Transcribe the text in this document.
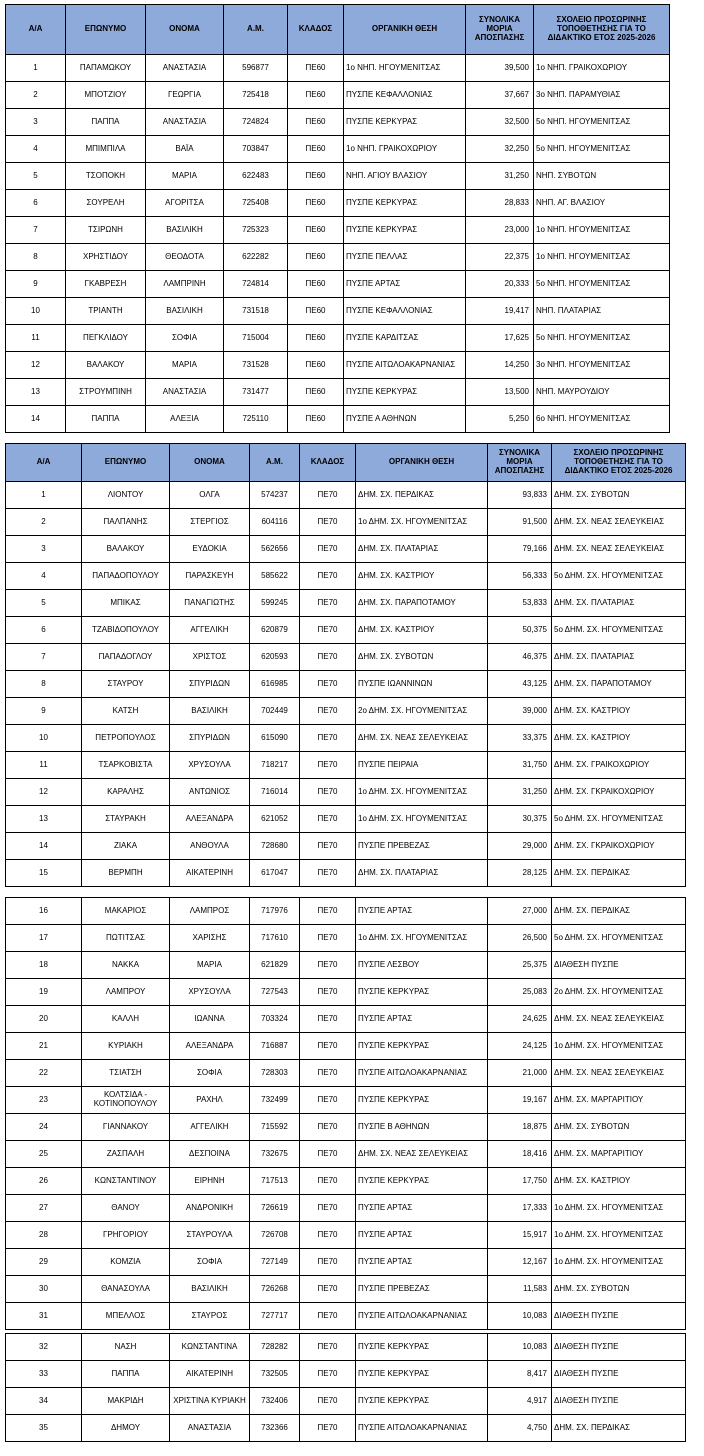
Α/Α	ΕΠΩΝΥΜΟ	ΟΝΟΜΑ	Α.Μ.	ΚΛΑΔΟΣ	ΟΡΓΑΝΙΚΗ ΘΕΣΗ	ΣΥΝΟΛΙΚΑ ΜΟΡΙΑ ΑΠΟΣΠΑΣΗΣ	ΣΧΟΛΕΙΟ ΠΡΟΣΩΡΙΝΗΣ ΤΟΠΟΘΕΤΗΣΗΣ ΓΙΑ ΤΟ ΔΙΔΑΚΤΙΚΟ ΕΤΟΣ 2025-2026
1	ΠΑΠΑΜΩΚΟΥ	ΑΝΑΣΤΑΣΙΑ	596877	ΠΕ60	1ο ΝΗΠ. ΗΓΟΥΜΕΝΙΤΣΑΣ	39,500	1ο ΝΗΠ. ΓΡΑΙΚΟΧΩΡΙΟΥ
2	ΜΠΟΤΖΙΟΥ	ΓΕΩΡΓΙΑ	725418	ΠΕ60	ΠΥΣΠΕ ΚΕΦΑΛΛΟΝΙΑΣ	37,667	3ο ΝΗΠ. ΠΑΡΑΜΥΘΙΑΣ
3	ΠΑΠΠΑ	ΑΝΑΣΤΑΣΙΑ	724824	ΠΕ60	ΠΥΣΠΕ ΚΕΡΚΥΡΑΣ	32,500	5ο ΝΗΠ. ΗΓΟΥΜΕΝΙΤΣΑΣ
4	ΜΠΙΜΠΙΛΑ	ΒΑΪΑ	703847	ΠΕ60	1ο ΝΗΠ. ΓΡΑΙΚΟΧΩΡΙΟΥ	32,250	5ο ΝΗΠ. ΗΓΟΥΜΕΝΙΤΣΑΣ
5	ΤΣΟΠΟΚΗ	ΜΑΡΙΑ	622483	ΠΕ60	ΝΗΠ. ΑΓΙΟΥ ΒΛΑΣΙΟΥ	31,250	ΝΗΠ. ΣΥΒΟΤΩΝ
6	ΣΟΥΡΕΛΗ	ΑΓΟΡΙΤΣΑ	725408	ΠΕ60	ΠΥΣΠΕ ΚΕΡΚΥΡΑΣ	28,833	ΝΗΠ. ΑΓ. ΒΛΑΣΙΟΥ
7	ΤΣΙΡΩΝΗ	ΒΑΣΙΛΙΚΗ	725323	ΠΕ60	ΠΥΣΠΕ ΚΕΡΚΥΡΑΣ	23,000	1ο ΝΗΠ. ΗΓΟΥΜΕΝΙΤΣΑΣ
8	ΧΡΗΣΤΙΔΟΥ	ΘΕΟΔΟΤΑ	622282	ΠΕ60	ΠΥΣΠΕ ΠΕΛΛΑΣ	22,375	1ο ΝΗΠ. ΗΓΟΥΜΕΝΙΤΣΑΣ
9	ΓΚΑΒΡΕΣΗ	ΛΑΜΠΡΙΝΗ	724814	ΠΕ60	ΠΥΣΠΕ ΑΡΤΑΣ	20,333	5ο ΝΗΠ. ΗΓΟΥΜΕΝΙΤΣΑΣ
10	ΤΡΙΑΝΤΗ	ΒΑΣΙΛΙΚΗ	731518	ΠΕ60	ΠΥΣΠΕ ΚΕΦΑΛΛΟΝΙΑΣ	19,417	ΝΗΠ. ΠΛΑΤΑΡΙΑΣ
11	ΠΕΓΚΛΙΔΟΥ	ΣΟΦΙΑ	715004	ΠΕ60	ΠΥΣΠΕ ΚΑΡΔΙΤΣΑΣ	17,625	5ο ΝΗΠ. ΗΓΟΥΜΕΝΙΤΣΑΣ
12	ΒΑΛΑΚΟΥ	ΜΑΡΙΑ	731528	ΠΕ60	ΠΥΣΠΕ ΑΙΤΩΛΟΑΚΑΡΝΑΝΙΑΣ	14,250	3ο ΝΗΠ. ΗΓΟΥΜΕΝΙΤΣΑΣ
13	ΣΤΡΟΥΜΠΙΝΗ	ΑΝΑΣΤΑΣΙΑ	731477	ΠΕ60	ΠΥΣΠΕ ΚΕΡΚΥΡΑΣ	13,500	ΝΗΠ. ΜΑΥΡΟΥΔΙΟΥ
14	ΠΑΠΠΑ	ΑΛΕΞΙΑ	725110	ΠΕ60	ΠΥΣΠΕ Α ΑΘΗΝΩΝ	5,250	6ο ΝΗΠ. ΗΓΟΥΜΕΝΙΤΣΑΣ
Α/Α	ΕΠΩΝΥΜΟ	ΟΝΟΜΑ	Α.Μ.	ΚΛΑΔΟΣ	ΟΡΓΑΝΙΚΗ ΘΕΣΗ	ΣΥΝΟΛΙΚΑ ΜΟΡΙΑ ΑΠΟΣΠΑΣΗΣ	ΣΧΟΛΕΙΟ ΠΡΟΣΩΡΙΝΗΣ ΤΟΠΟΘΕΤΗΣΗΣ ΓΙΑ ΤΟ ΔΙΔΑΚΤΙΚΟ ΕΤΟΣ 2025-2026
1	ΛΙΟΝΤΟΥ	ΟΛΓΑ	574237	ΠΕ70	ΔΗΜ. ΣΧ. ΠΕΡΔΙΚΑΣ	93,833	ΔΗΜ. ΣΧ. ΣΥΒΟΤΩΝ
2	ΠΑΛΠΑΝΗΣ	ΣΤΕΡΓΙΟΣ	604116	ΠΕ70	1ο ΔΗΜ. ΣΧ. ΗΓΟΥΜΕΝΙΤΣΑΣ	91,500	ΔΗΜ. ΣΧ. ΝΕΑΣ ΣΕΛΕΥΚΕΙΑΣ
3	ΒΑΛΑΚΟΥ	ΕΥΔΟΚΙΑ	562656	ΠΕ70	ΔΗΜ. ΣΧ. ΠΛΑΤΑΡΙΑΣ	79,166	ΔΗΜ. ΣΧ. ΝΕΑΣ ΣΕΛΕΥΚΕΙΑΣ
4	ΠΑΠΑΔΟΠΟΥΛΟΥ	ΠΑΡΑΣΚΕΥΗ	585622	ΠΕ70	ΔΗΜ. ΣΧ. ΚΑΣΤΡΙΟΥ	56,333	5ο ΔΗΜ. ΣΧ. ΗΓΟΥΜΕΝΙΤΣΑΣ
5	ΜΠΙΚΑΣ	ΠΑΝΑΓΙΩΤΗΣ	599245	ΠΕ70	ΔΗΜ. ΣΧ. ΠΑΡΑΠΟΤΑΜΟΥ	53,833	ΔΗΜ. ΣΧ. ΠΛΑΤΑΡΙΑΣ
6	ΤΖΑΒΙΔΟΠΟΥΛΟΥ	ΑΓΓΕΛΙΚΗ	620879	ΠΕ70	ΔΗΜ. ΣΧ. ΚΑΣΤΡΙΟΥ	50,375	5ο ΔΗΜ. ΣΧ. ΗΓΟΥΜΕΝΙΤΣΑΣ
7	ΠΑΠΑΔΟΓΛΟΥ	ΧΡΙΣΤΟΣ	620593	ΠΕ70	ΔΗΜ. ΣΧ. ΣΥΒΟΤΩΝ	46,375	ΔΗΜ. ΣΧ. ΠΛΑΤΑΡΙΑΣ
8	ΣΤΑΥΡΟΥ	ΣΠΥΡΙΔΩΝ	616985	ΠΕ70	ΠΥΣΠΕ ΙΩΑΝΝΙΝΩΝ	43,125	ΔΗΜ. ΣΧ. ΠΑΡΑΠΟΤΑΜΟΥ
9	ΚΑΤΣΗ	ΒΑΣΙΛΙΚΗ	702449	ΠΕ70	2ο ΔΗΜ. ΣΧ. ΗΓΟΥΜΕΝΙΤΣΑΣ	39,000	ΔΗΜ. ΣΧ. ΚΑΣΤΡΙΟΥ
10	ΠΕΤΡΟΠΟΥΛΟΣ	ΣΠΥΡΙΔΩΝ	615090	ΠΕ70	ΔΗΜ. ΣΧ. ΝΕΑΣ ΣΕΛΕΥΚΕΙΑΣ	33,375	ΔΗΜ. ΣΧ. ΚΑΣΤΡΙΟΥ
11	ΤΣΑΡΚΟΒΙΣΤΑ	ΧΡΥΣΟΥΛΑ	718217	ΠΕ70	ΠΥΣΠΕ ΠΕΙΡΑΙΑ	31,750	ΔΗΜ. ΣΧ. ΓΡΑΙΚΟΧΩΡΙΟΥ
12	ΚΑΡΑΛΗΣ	ΑΝΤΩΝΙΟΣ	716014	ΠΕ70	1ο ΔΗΜ. ΣΧ. ΗΓΟΥΜΕΝΙΤΣΑΣ	31,250	ΔΗΜ. ΣΧ. ΓΚΡΑΙΚΟΧΩΡΙΟΥ
13	ΣΤΑΥΡΑΚΗ	ΑΛΕΞΑΝΔΡΑ	621052	ΠΕ70	1ο ΔΗΜ. ΣΧ. ΗΓΟΥΜΕΝΙΤΣΑΣ	30,375	5ο ΔΗΜ. ΣΧ. ΗΓΟΥΜΕΝΙΤΣΑΣ
14	ΖΙΑΚΑ	ΑΝΘΟΥΛΑ	728680	ΠΕ70	ΠΥΣΠΕ ΠΡΕΒΕΖΑΣ	29,000	ΔΗΜ. ΣΧ. ΓΚΡΑΙΚΟΧΩΡΙΟΥ
15	ΒΕΡΜΠΗ	ΑΙΚΑΤΕΡΙΝΗ	617047	ΠΕ70	ΔΗΜ. ΣΧ. ΠΛΑΤΑΡΙΑΣ	28,125	ΔΗΜ. ΣΧ. ΠΕΡΔΙΚΑΣ
16	ΜΑΚΑΡΙΟΣ	ΛΑΜΠΡΟΣ	717976	ΠΕ70	ΠΥΣΠΕ ΑΡΤΑΣ	27,000	ΔΗΜ. ΣΧ. ΠΕΡΔΙΚΑΣ
17	ΠΩΤΙΤΣΑΣ	ΧΑΡΙΣΗΣ	717610	ΠΕ70	1ο ΔΗΜ. ΣΧ. ΗΓΟΥΜΕΝΙΤΣΑΣ	26,500	5ο ΔΗΜ. ΣΧ. ΗΓΟΥΜΕΝΙΤΣΑΣ
18	ΝΑΚΚΑ	ΜΑΡΙΑ	621829	ΠΕ70	ΠΥΣΠΕ ΛΕΣΒΟΥ	25,375	ΔΙΑΘΕΣΗ ΠΥΣΠΕ
19	ΛΑΜΠΡΟΥ	ΧΡΥΣΟΥΛΑ	727543	ΠΕ70	ΠΥΣΠΕ ΚΕΡΚΥΡΑΣ	25,083	2ο ΔΗΜ. ΣΧ. ΗΓΟΥΜΕΝΙΤΣΑΣ
20	ΚΑΛΛΗ	ΙΩΑΝΝΑ	703324	ΠΕ70	ΠΥΣΠΕ ΑΡΤΑΣ	24,625	ΔΗΜ. ΣΧ. ΝΕΑΣ ΣΕΛΕΥΚΕΙΑΣ
21	ΚΥΡΙΑΚΗ	ΑΛΕΞΑΝΔΡΑ	716887	ΠΕ70	ΠΥΣΠΕ ΚΕΡΚΥΡΑΣ	24,125	1ο ΔΗΜ. ΣΧ. ΗΓΟΥΜΕΝΙΤΣΑΣ
22	ΤΣΙΑΤΣΗ	ΣΟΦΙΑ	728303	ΠΕ70	ΠΥΣΠΕ ΑΙΤΩΛΟΑΚΑΡΝΑΝΙΑΣ	21,000	ΔΗΜ. ΣΧ. ΝΕΑΣ ΣΕΛΕΥΚΕΙΑΣ
23	ΚΟΛΤΣΙΔΑ - ΚΟΤΙΝΟΠΟΥΛΟΥ	ΡΑΧΗΛ	732499	ΠΕ70	ΠΥΣΠΕ ΚΕΡΚΥΡΑΣ	19,167	ΔΗΜ. ΣΧ. ΜΑΡΓΑΡΙΤΙΟΥ
24	ΓΙΑΝΝΑΚΟΥ	ΑΓΓΕΛΙΚΗ	715592	ΠΕ70	ΠΥΣΠΕ Β ΑΘΗΝΩΝ	18,875	ΔΗΜ. ΣΧ. ΣΥΒΟΤΩΝ
25	ΖΑΣΠΑΛΗ	ΔΕΣΠΟΙΝΑ	732675	ΠΕ70	ΔΗΜ. ΣΧ. ΝΕΑΣ ΣΕΛΕΥΚΕΙΑΣ	18,416	ΔΗΜ. ΣΧ. ΜΑΡΓΑΡΙΤΙΟΥ
26	ΚΩΝΣΤΑΝΤΙΝΟΥ	ΕΙΡΗΝΗ	717513	ΠΕ70	ΠΥΣΠΕ ΚΕΡΚΥΡΑΣ	17,750	ΔΗΜ. ΣΧ. ΚΑΣΤΡΙΟΥ
27	ΘΑΝΟΥ	ΑΝΔΡΟΝΙΚΗ	726619	ΠΕ70	ΠΥΣΠΕ ΑΡΤΑΣ	17,333	1ο ΔΗΜ. ΣΧ. ΗΓΟΥΜΕΝΙΤΣΑΣ
28	ΓΡΗΓΟΡΙΟΥ	ΣΤΑΥΡΟΥΛΑ	726708	ΠΕ70	ΠΥΣΠΕ ΑΡΤΑΣ	15,917	1ο ΔΗΜ. ΣΧ. ΗΓΟΥΜΕΝΙΤΣΑΣ
29	ΚΟΜΖΙΑ	ΣΟΦΙΑ	727149	ΠΕ70	ΠΥΣΠΕ ΑΡΤΑΣ	12,167	1ο ΔΗΜ. ΣΧ. ΗΓΟΥΜΕΝΙΤΣΑΣ
30	ΘΑΝΑΣΟΥΛΑ	ΒΑΣΙΛΙΚΗ	726268	ΠΕ70	ΠΥΣΠΕ ΠΡΕΒΕΖΑΣ	11,583	ΔΗΜ. ΣΧ. ΣΥΒΟΤΩΝ
31	ΜΠΕΛΛΟΣ	ΣΤΑΥΡΟΣ	727717	ΠΕ70	ΠΥΣΠΕ ΑΙΤΩΛΟΑΚΑΡΝΑΝΙΑΣ	10,083	ΔΙΑΘΕΣΗ ΠΥΣΠΕ
32	ΝΑΣΗ	ΚΩΝΣΤΑΝΤΙΝΑ	728282	ΠΕ70	ΠΥΣΠΕ ΚΕΡΚΥΡΑΣ	10,083	ΔΙΑΘΕΣΗ ΠΥΣΠΕ
33	ΠΑΠΠΑ	ΑΙΚΑΤΕΡΙΝΗ	732505	ΠΕ70	ΠΥΣΠΕ ΚΕΡΚΥΡΑΣ	8,417	ΔΙΑΘΕΣΗ ΠΥΣΠΕ
34	ΜΑΚΡΙΔΗ	ΧΡΙΣΤΙΝΑ ΚΥΡΙΑΚΗ	732406	ΠΕ70	ΠΥΣΠΕ ΚΕΡΚΥΡΑΣ	4,917	ΔΙΑΘΕΣΗ ΠΥΣΠΕ
35	ΔΗΜΟΥ	ΑΝΑΣΤΑΣΙΑ	732366	ΠΕ70	ΠΥΣΠΕ ΑΙΤΩΛΟΑΚΑΡΝΑΝΙΑΣ	4,750	ΔΗΜ. ΣΧ. ΠΕΡΔΙΚΑΣ
